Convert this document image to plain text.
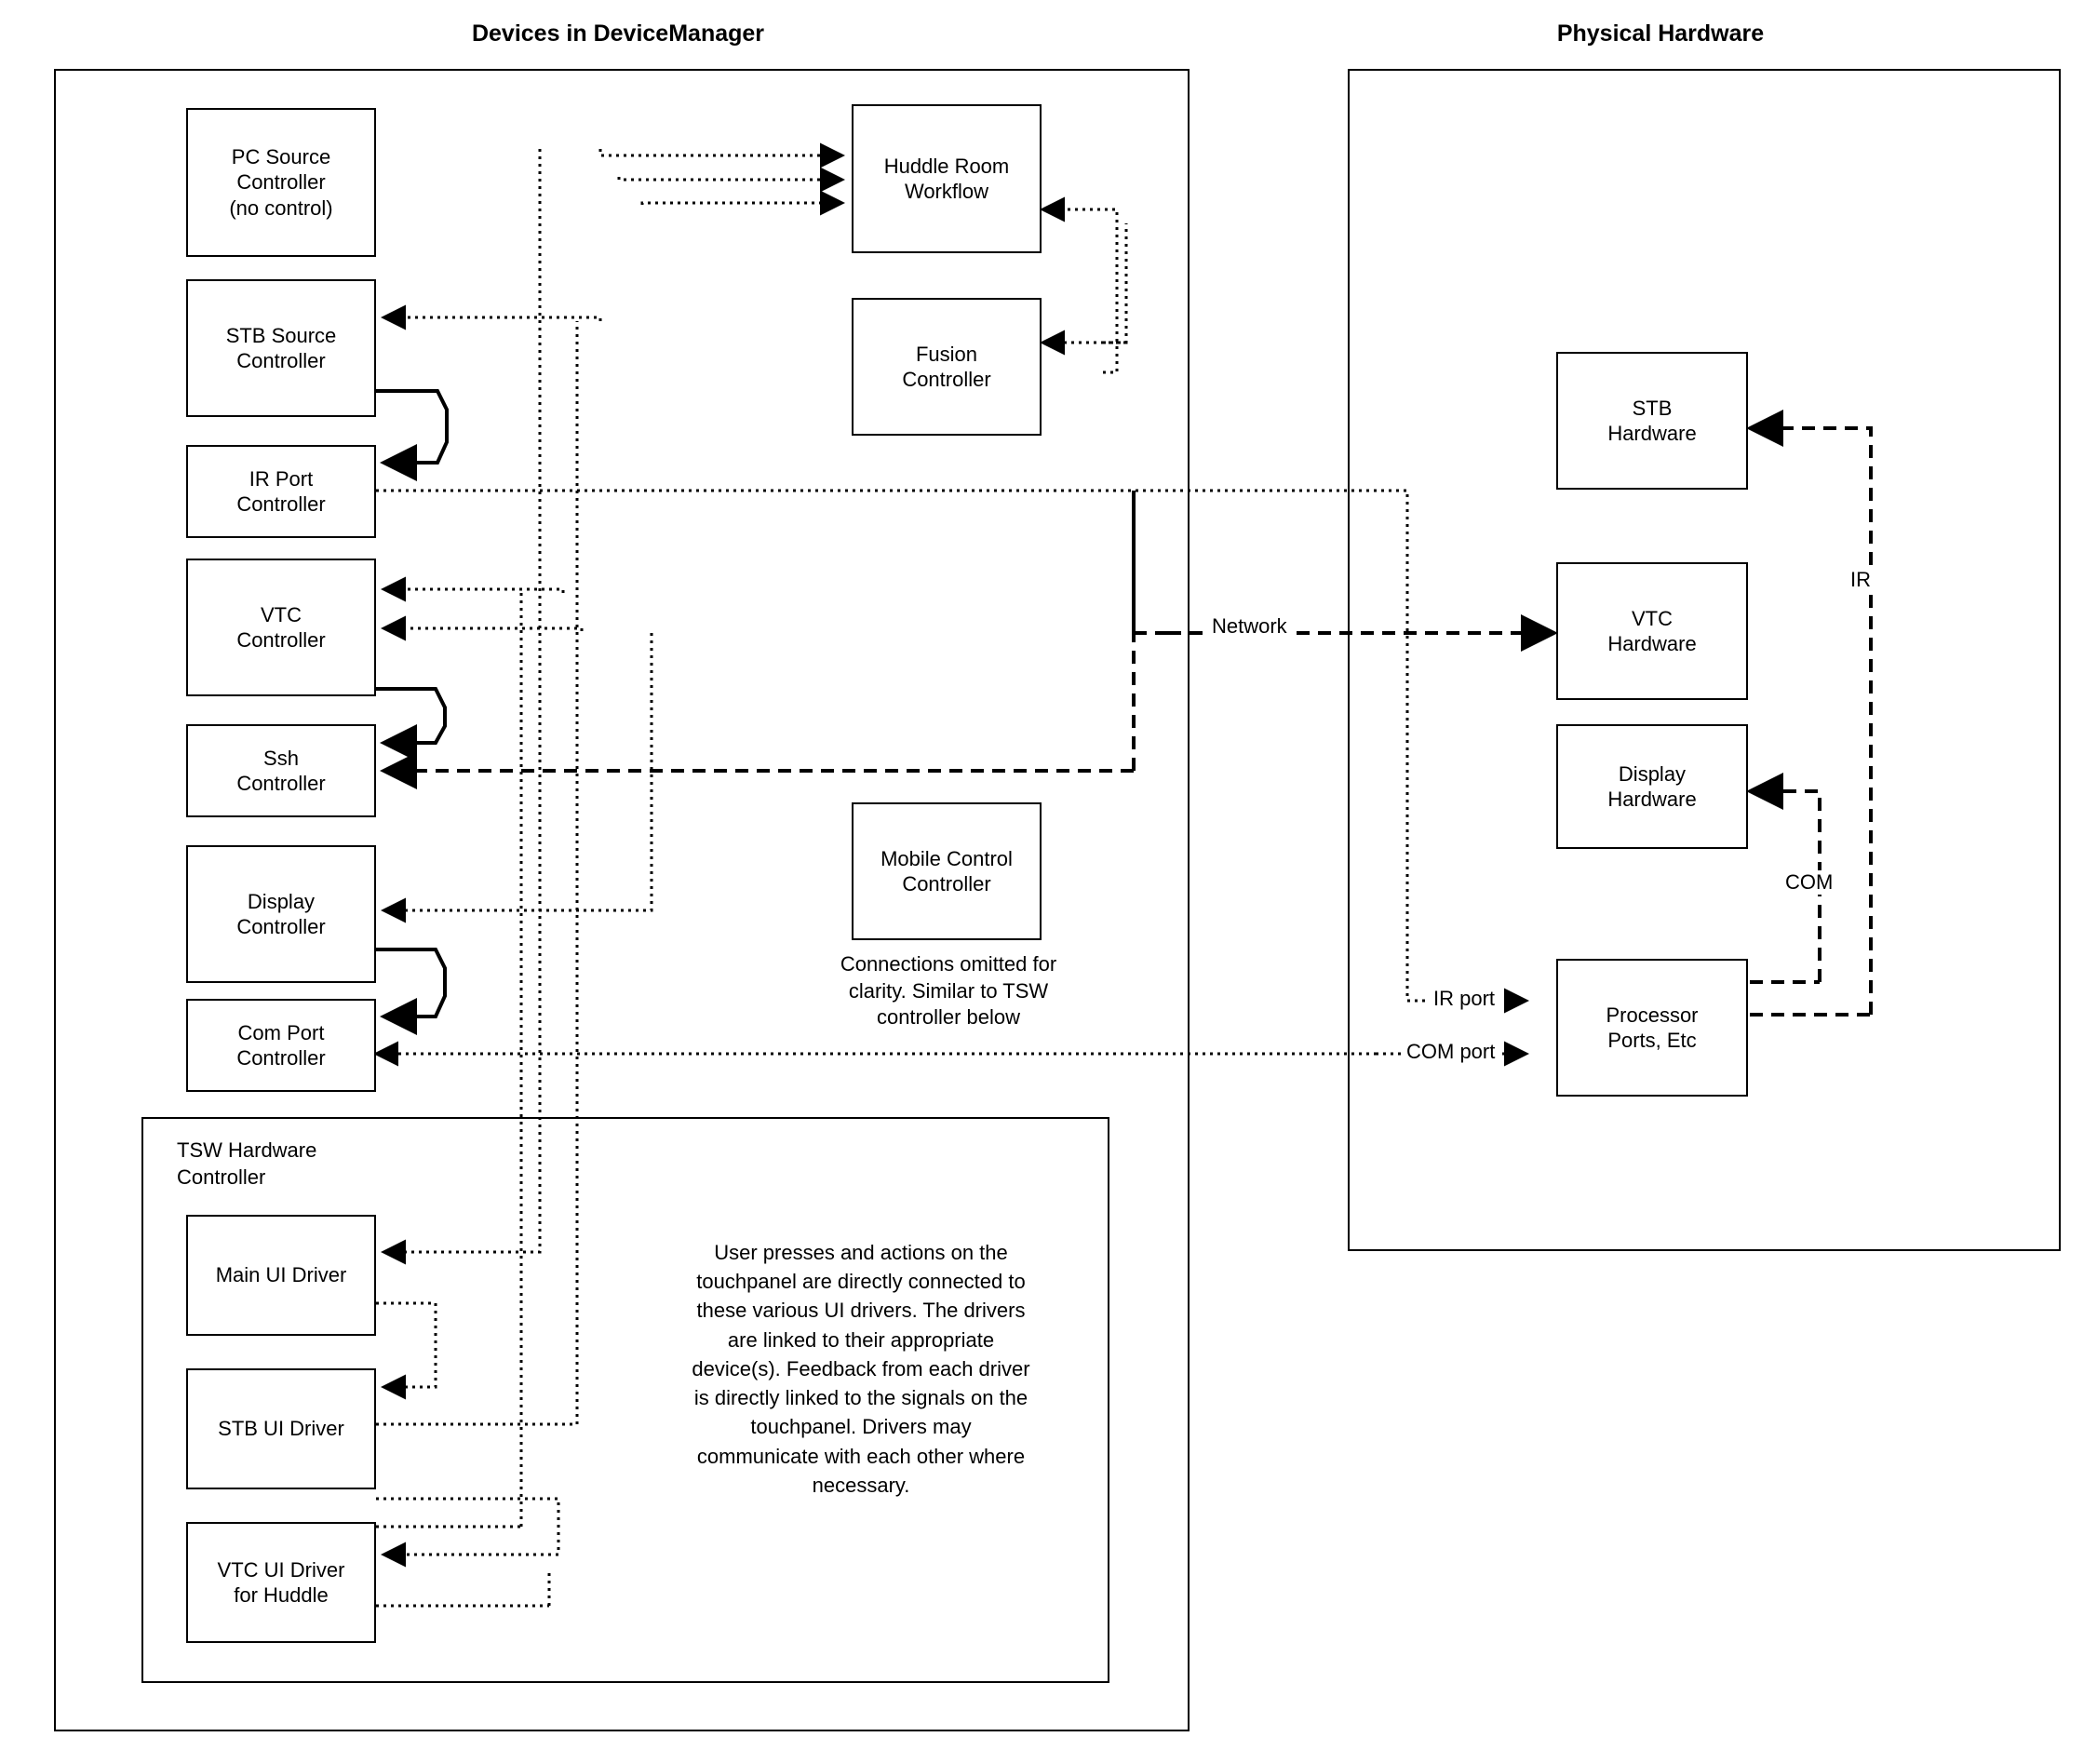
Devices in DeviceManager	Physical Hardware
TSW Hardware Controller
PC Source
Controller
(no control)
STB Source
Controller
IR Port
Controller
VTC
Controller
Ssh
Controller
Display
Controller
Com Port
Controller
Huddle Room
Workflow
Fusion
Controller
Mobile Control
Controller
Connections omitted for clarity. Similar to TSW controller below
Main UI Driver
STB UI Driver
VTC UI Driver
for Huddle
User presses and actions on the touchpanel are directly connected to these various UI drivers. The drivers are linked to their appropriate device(s). Feedback from each driver is directly linked to the signals on the touchpanel. Drivers may communicate with each other where necessary.
STB
Hardware
VTC
Hardware
Display
Hardware
Processor
Ports, Etc
Network
IR
COM
IR port
COM port
